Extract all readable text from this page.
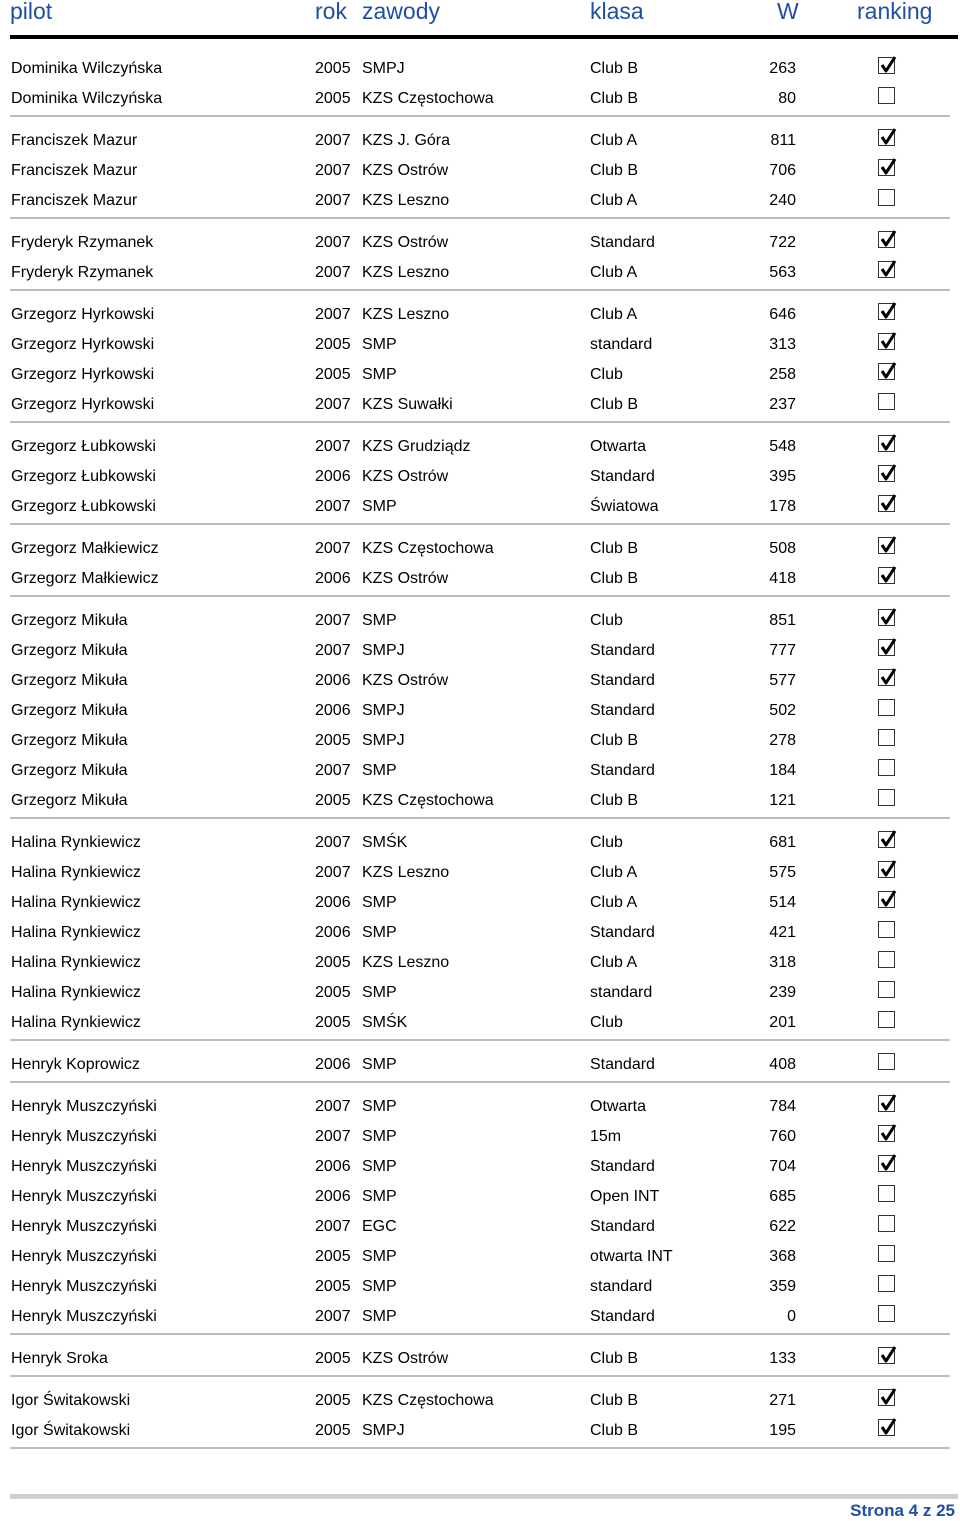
pilot	rok zawody	klasa	W	ranking
Dominika Wilczyńska	2005 SMPJ	Club B	263
Dominika Wilczyńska	2005 KZS Częstochowa	Club B	80
Franciszek Mazur	2007 KZS J. Góra	Club A	811
Franciszek Mazur	2007 KZS Ostrów	Club B	706
Franciszek Mazur	2007 KZS Leszno	Club A	240
Fryderyk Rzymanek	2007 KZS Ostrów	Standard	722
Fryderyk Rzymanek	2007 KZS Leszno	Club A	563
Grzegorz Hyrkowski	2007 KZS Leszno	Club A	646
Grzegorz Hyrkowski	2005 SMP	standard	313
Grzegorz Hyrkowski	2005 SMP	Club	258
Grzegorz Hyrkowski	2007 KZS Suwałki	Club B	237
Grzegorz Łubkowski	2007 KZS Grudziądz	Otwarta	548
Grzegorz Łubkowski	2006 KZS Ostrów	Standard	395
Grzegorz Łubkowski	2007 SMP	Światowa	178
Grzegorz Małkiewicz	2007 KZS Częstochowa	Club B	508
Grzegorz Małkiewicz	2006 KZS Ostrów	Club B	418
Grzegorz Mikuła	2007 SMP	Club	851
Grzegorz Mikuła	2007 SMPJ	Standard	777
Grzegorz Mikuła	2006 KZS Ostrów	Standard	577
Grzegorz Mikuła	2006 SMPJ	Standard	502
Grzegorz Mikuła	2005 SMPJ	Club B	278
Grzegorz Mikuła	2007 SMP	Standard	184
Grzegorz Mikuła	2005 KZS Częstochowa	Club B	121
Halina Rynkiewicz	2007 SMŚK	Club	681
Halina Rynkiewicz	2007 KZS Leszno	Club A	575
Halina Rynkiewicz	2006 SMP	Club A	514
Halina Rynkiewicz	2006 SMP	Standard	421
Halina Rynkiewicz	2005 KZS Leszno	Club A	318
Halina Rynkiewicz	2005 SMP	standard	239
Halina Rynkiewicz	2005 SMŚK	Club	201
Henryk Koprowicz	2006 SMP	Standard	408
Henryk Muszczyński	2007 SMP	Otwarta	784
Henryk Muszczyński	2007 SMP	15m	760
Henryk Muszczyński	2006 SMP	Standard	704
Henryk Muszczyński	2006 SMP	Open INT	685
Henryk Muszczyński	2007 EGC	Standard	622
Henryk Muszczyński	2005 SMP	otwarta INT	368
Henryk Muszczyński	2005 SMP	standard	359
Henryk Muszczyński	2007 SMP	Standard	0
Henryk Sroka	2005 KZS Ostrów	Club B	133
Igor Świtakowski	2005 KZS Częstochowa	Club B	271
Igor Świtakowski	2005 SMPJ	Club B	195
Strona 4 z 25
